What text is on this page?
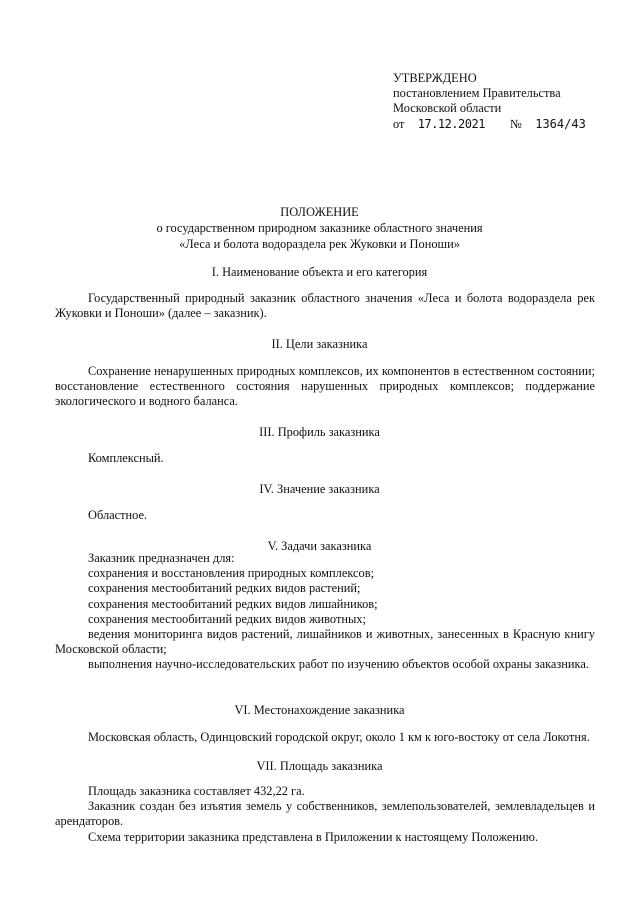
УТВЕРЖДЕНО
постановлением Правительства
Московской области
от 17.12.2021 № 1364/43
ПОЛОЖЕНИЕ
о государственном природном заказнике областного значения
«Леса и болота водораздела рек Жуковки и Поноши»
I. Наименование объекта и его категория

Государственный природный заказник областного значения «Леса и болота водораздела рек Жуковки и Поноши» (далее – заказник).

II. Цели заказника

Сохранение ненарушенных природных комплексов, их компонентов в естественном состоянии; восстановление естественного состояния нарушенных природных комплексов; поддержание экологического и водного баланса.

III. Профиль заказника

Комплексный.

IV. Значение заказника

Областное.

V. Задачи заказника

Заказник предназначен для:

сохранения и восстановления природных комплексов;

сохранения местообитаний редких видов растений;

сохранения местообитаний редких видов лишайников;

сохранения местообитаний редких видов животных;

ведения мониторинга видов растений, лишайников и животных, занесенных в Красную книгу Московской области;

выполнения научно-исследовательских работ по изучению объектов особой охраны заказника.

VI. Местонахождение заказника

Московская область, Одинцовский городской округ, около 1 км к юго-востоку от села Локотня.

VII. Площадь заказника

Площадь заказника составляет 432,22 га.

Заказник создан без изъятия земель у собственников, землепользователей, землевладельцев и арендаторов.

Схема территории заказника представлена в Приложении к настоящему Положению.
